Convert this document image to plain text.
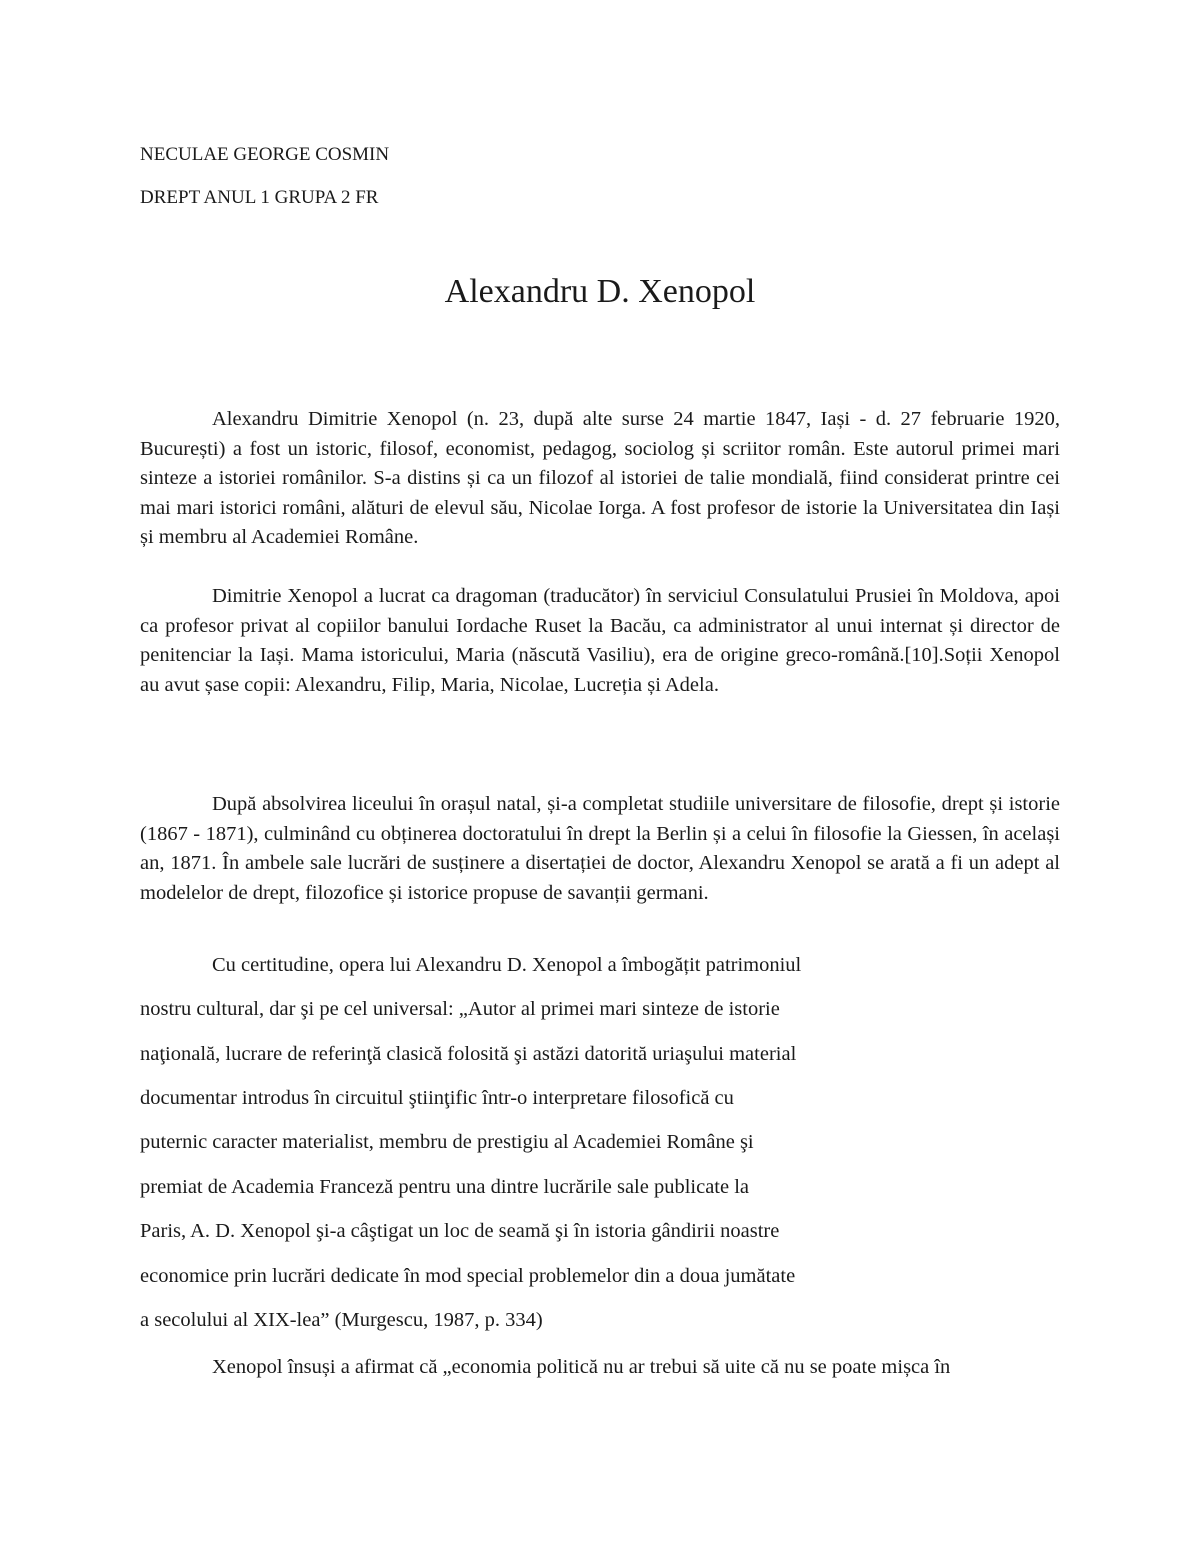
NECULAE GEORGE COSMIN
DREPT ANUL 1 GRUPA 2 FR
Alexandru D. Xenopol

Alexandru Dimitrie Xenopol (n. 23, după alte surse 24 martie 1847, Iași - d. 27 februarie 1920, București) a fost un istoric, filosof, economist, pedagog, sociolog și scriitor român. Este autorul primei mari sinteze a istoriei românilor. S-a distins și ca un filozof al istoriei de talie mondială, fiind considerat printre cei mai mari istorici români, alături de elevul său, Nicolae Iorga. A fost profesor de istorie la Universitatea din Iași și membru al Academiei Române.

Dimitrie Xenopol a lucrat ca dragoman (traducător) în serviciul Consulatului Prusiei în Moldova, apoi ca profesor privat al copiilor banului Iordache Ruset la Bacău, ca administrator al unui internat și director de penitenciar la Iași. Mama istoricului, Maria (născută Vasiliu), era de origine greco-română.[10].Soții Xenopol au avut șase copii: Alexandru, Filip, Maria, Nicolae, Lucreția și Adela.

După absolvirea liceului în orașul natal, și-a completat studiile universitare de filosofie, drept și istorie (1867 - 1871), culminând cu obținerea doctoratului în drept la Berlin și a celui în filosofie la Giessen, în același an, 1871. În ambele sale lucrări de susținere a disertației de doctor, Alexandru Xenopol se arată a fi un adept al modelelor de drept, filozofice și istorice propuse de savanții germani.

Cu certitudine, opera lui Alexandru D. Xenopol a îmbogățit patrimoniul
nostru cultural, dar şi pe cel universal: „Autor al primei mari sinteze de istorie
naţională, lucrare de referinţă clasică folosită şi astăzi datorită uriaşului material
documentar introdus în circuitul ştiinţific într-o interpretare filosofică cu
puternic caracter materialist, membru de prestigiu al Academiei Române şi
premiat de Academia Franceză pentru una dintre lucrările sale publicate la
Paris, A. D. Xenopol şi-a câştigat un loc de seamă şi în istoria gândirii noastre
economice prin lucrări dedicate în mod special problemelor din a doua jumătate
a secolului al XIX-lea” (Murgescu, 1987, p. 334)

Xenopol însuși a afirmat că „economia politică nu ar trebui să uite că nu se poate mișca în
